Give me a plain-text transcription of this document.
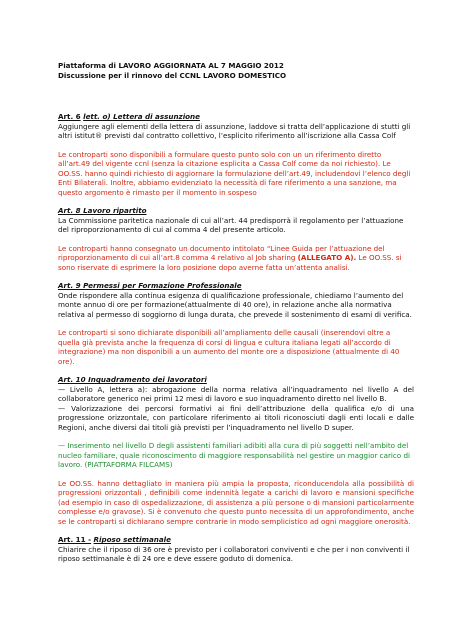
Piattaforma di LAVORO AGGIORNATA AL 7 MAGGIO 2012

Discussione per il rinnovo del CCNL LAVORO DOMESTICO

Art. 6 lett. o) Lettera di assunzione

Aggiungere agli elementi della lettera di assunzione, laddove si tratta dell’applicazione di stutti gli altri istitut® previsti dal contratto collettivo, l’esplicito riferimento all’iscrizione alla Cassa Colf

Le controparti sono disponibili a formulare questo punto solo con un un riferimento diretto all’art.49 del vigente ccnl (senza la citazione esplicita a Cassa Colf come da noi richiesto). Le OO.SS. hanno quindi richiesto di aggiornare la formulazione dell’art.49, includendovi l’elenco degli Enti Bilaterali. Inoltre, abbiamo evidenziato la necessità di fare riferimento a una sanzione, ma questo argomento è rimasto per il momento in sospeso

Art. 8 Lavoro ripartito

La Commissione paritetica nazionale di cui all’art. 44 predisporrà il regolamento per l’attuazione del riproporzionamento di cui al comma 4 del presente articolo.

Le controparti hanno consegnato un documento intitolato “Linee Guida per l’attuazione del riproporzionamento di cui all’art.8 comma 4 relativo al Job sharing (ALLEGATO A). Le OO.SS. si sono riservate di esprimere la loro posizione dopo averne fatta un’attenta analisi.

Art. 9 Permessi per Formazione Professionale

Onde rispondere alla continua esigenza di qualificazione professionale, chiediamo l’aumento del monte annuo di ore per formazione(attualmente di 40 ore), in relazione anche alla normativa relativa al permesso di soggiorno di lunga durata, che prevede il sostenimento di esami di verifica.

Le controparti si sono dichiarate disponibili all’ampliamento delle causali (inserendovi oltre a quella già prevista anche la frequenza di corsi di lingua e cultura italiana legati all’accordo di integrazione) ma non disponibili a un aumento del monte ore a disposizione (attualmente di 40 ore).

Art. 10 Inquadramento dei lavoratori

— Livello A, lettera a): abrogazione della norma relativa all’inquadramento nel livello A del collaboratore generico nei primi 12 mesi di lavoro e suo inquadramento diretto nel livello B.

— Valorizzazione dei percorsi formativi ai fini dell’attribuzione della qualifica e/o di una progressione orizzontale, con particolare riferimento ai titoli riconosciuti dagli enti locali e dalle Regioni, anche diversi dai titoli già previsti per l’inquadramento nel livello D super.

— Inserimento nel livello D degli assistenti familiari adibiti alla cura di più soggetti nell’ambito del nucleo familiare, quale riconoscimento di maggiore responsabilità nel gestire un maggior carico di lavoro. (PIATTAFORMA FILCAMS)

Le OO.SS. hanno dettagliato in maniera più ampia la proposta, riconducendola alla possibilità di progressioni orizzontali , definibili come indennità legate a carichi di lavoro e mansioni specifiche (ad esempio in caso di ospedalizzazione, di assistenza a più persone o di mansioni particolarmente complesse e/o gravose). Si è convenuto che questo punto necessita di un approfondimento, anche se le controparti si dichiarano sempre contrarie in modo semplicistico ad ogni maggiore onerosità.

Art. 11 - Riposo settimanale

Chiarire che il riposo di 36 ore è previsto per i collaboratori conviventi e che per i non conviventi il riposo settimanale è di 24 ore e deve essere goduto di domenica.
